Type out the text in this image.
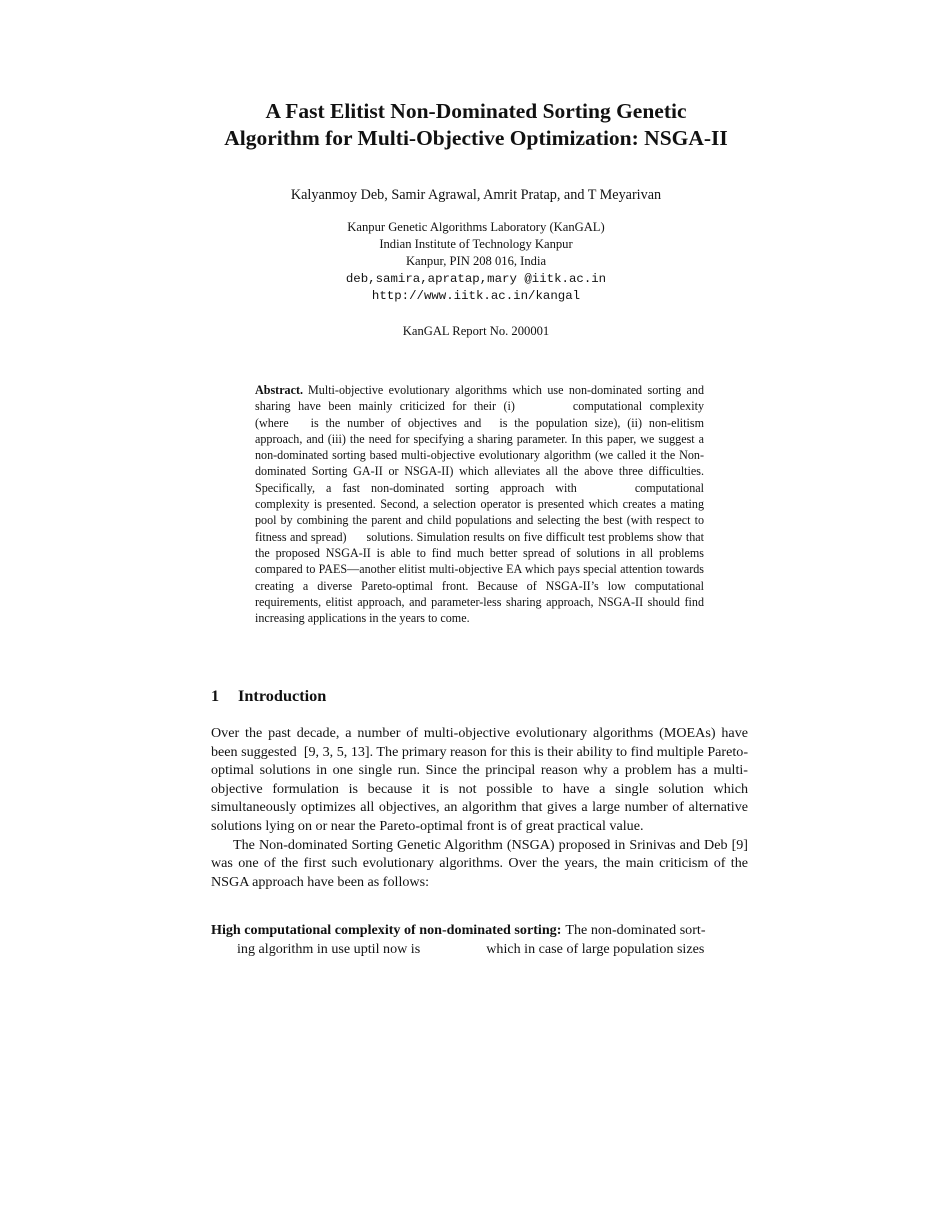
A Fast Elitist Non-Dominated Sorting Genetic
Algorithm for Multi-Objective Optimization: NSGA-II
Kalyanmoy Deb, Samir Agrawal, Amrit Pratap, and T Meyarivan
Kanpur Genetic Algorithms Laboratory (KanGAL)
Indian Institute of Technology Kanpur
Kanpur, PIN 208 016, India
deb,samira,apratap,mary @iitk.ac.in
http://www.iitk.ac.in/kangal
KanGAL Report No. 200001
Abstract. Multi-objective evolutionary algorithms which use non-dominated sorting and sharing have been mainly criticized for their (i)	computational complexity (where is the number of objectives and is the population size), (ii) non-elitism approach, and (iii) the need for specifying a sharing parameter. In this paper, we suggest a non-dominated sorting based multi-objective evolutionary algorithm (we called it the Non-dominated Sorting GA-II or NSGA-II) which alleviates all the above three difficulties. Specifically, a fast non-dominated sorting approach with	computational complexity is presented. Second, a selection operator is presented which creates a mating pool by combining the parent and child populations and selecting the best (with respect to fitness and spread) solutions. Simulation results on five difficult test problems show that the proposed NSGA-II is able to find much better spread of solutions in all problems compared to PAES—another elitist multi-objective EA which pays special attention towards creating a diverse Pareto-optimal front. Because of NSGA-II’s low computational requirements, elitist approach, and parameter-less sharing approach, NSGA-II should find increasing applications in the years to come.
1 Introduction

Over the past decade, a number of multi-objective evolutionary algorithms (MOEAs) have been suggested [9, 3, 5, 13]. The primary reason for this is their ability to find multiple Pareto-optimal solutions in one single run. Since the principal reason why a problem has a multi-objective formulation is because it is not possible to have a single solution which simultaneously optimizes all objectives, an algorithm that gives a large number of alternative solutions lying on or near the Pareto-optimal front is of great practical value.

The Non-dominated Sorting Genetic Algorithm (NSGA) proposed in Srinivas and Deb [9] was one of the first such evolutionary algorithms. Over the years, the main criticism of the NSGA approach have been as follows:

High computational complexity of non-dominated sorting: The non-dominated sort-
ing algorithm in use uptil now is	which in case of large population sizes
